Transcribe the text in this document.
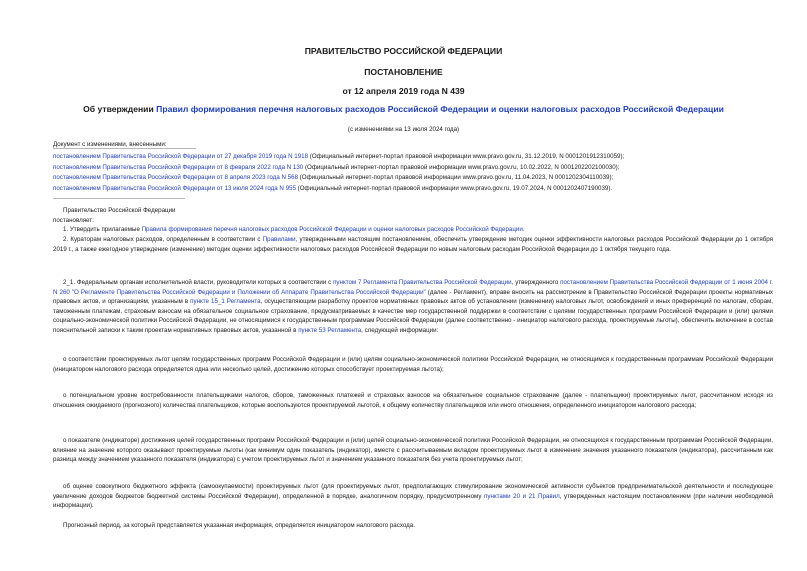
ПРАВИТЕЛЬСТВО РОССИЙСКОЙ ФЕДЕРАЦИИ
ПОСТАНОВЛЕНИЕ
от 12 апреля 2019 года N 439
Об утверждении Правил формирования перечня налоговых расходов Российской Федерации и оценки налоговых расходов Российской Федерации
(с изменениями на 13 июля 2024 года)
Документ с изменениями, внесенными:
постановлением Правительства Российской Федерации от 27 декабря 2019 года N 1918 (Официальный интернет-портал правовой информации www.pravo.gov.ru, 31.12.2019, N 0001201912310059);
постановлением Правительства Российской Федерации от 8 февраля 2022 года N 130 (Официальный интернет-портал правовой информации www.pravo.gov.ru, 10.02.2022, N 0001202202100030);
постановлением Правительства Российской Федерации от 8 апреля 2023 года N 568 (Официальный интернет-портал правовой информации www.pravo.gov.ru, 11.04.2023, N 0001202304110039);
постановлением Правительства Российской Федерации от 13 июля 2024 года N 955 (Официальный интернет-портал правовой информации www.pravo.gov.ru, 19.07.2024, N 0001202407190039).

Правительство Российской Федерации

постановляет:

1. Утвердить прилагаемые Правила формирования перечня налоговых расходов Российской Федерации и оценки налоговых расходов Российской Федерации.

2. Кураторам налоговых расходов, определенным в соответствии с Правилами, утвержденными настоящим постановлением, обеспечить утверждение методик оценки эффективности налоговых расходов Российской Федерации до 1 октября 2019 г., а также ежегодное утверждение (изменение) методик оценки эффективности налоговых расходов Российской Федерации по новым налоговым расходам Российской Федерации до 1 октября текущего года.

2_1. Федеральным органам исполнительной власти, руководители которых в соответствии с пунктом 7 Регламента Правительства Российской Федерации, утвержденного постановлением Правительства Российской Федерации от 1 июня 2004 г. N 260 "О Регламенте Правительства Российской Федерации и Положении об Аппарате Правительства Российской Федерации" (далее - Регламент), вправе вносить на рассмотрение в Правительство Российской Федерации проекты нормативных правовых актов, и организациям, указанным в пункте 15_1 Регламента, осуществляющим разработку проектов нормативных правовых актов об установлении (изменении) налоговых льгот, освобождений и иных преференций по налогам, сборам, таможенным платежам, страховым взносам на обязательное социальное страхование, предусматриваемых в качестве мер государственной поддержки в соответствии с целями государственных программ Российской Федерации и (или) целями социально-экономической политики Российской Федерации, не относящимися к государственным программам Российской Федерации (далее соответственно - инициатор налогового расхода, проектируемые льготы), обеспечить включение в состав пояснительной записки к таким проектам нормативных правовых актов, указанной в пункте 53 Регламента, следующей информации:

о соответствии проектируемых льгот целям государственных программ Российской Федерации и (или) целям социально-экономической политики Российской Федерации, не относящимся к государственным программам Российской Федерации (инициатором налогового расхода определяется одна или несколько целей, достижению которых способствует проектируемая льгота);

о потенциальном уровне востребованности плательщиками налогов, сборов, таможенных платежей и страховых взносов на обязательное социальное страхование (далее - плательщики) проектируемых льгот, рассчитанном исходя из отношения ожидаемого (прогнозного) количества плательщиков, которые воспользуются проектируемой льготой, к общему количеству плательщиков или иного отношения, определенного инициатором налогового расхода;

о показателе (индикаторе) достижения целей государственных программ Российской Федерации и (или) целей социально-экономической политики Российской Федерации, не относящихся к государственным программам Российской Федерации, влияние на значение которого оказывают проектируемые льготы (как минимум один показатель (индикатор), вместе с рассчитываемым вкладом проектируемых льгот в изменение значения указанного показателя (индикатора), рассчитанным как разница между значением указанного показателя (индикатора) с учетом проектируемых льгот и значением указанного показателя без учета проектируемых льгот;

об оценке совокупного бюджетного эффекта (самоокупаемости) проектируемых льгот (для проектируемых льгот, предполагающих стимулирование экономической активности субъектов предпринимательской деятельности и последующее увеличение доходов бюджетов бюджетной системы Российской Федерации), определенной в порядке, аналогичном порядку, предусмотренному пунктами 20 и 21 Правил, утвержденных настоящим постановлением (при наличии необходимой информации).

Прогнозный период, за который представляется указанная информация, определяется инициатором налогового расхода.
